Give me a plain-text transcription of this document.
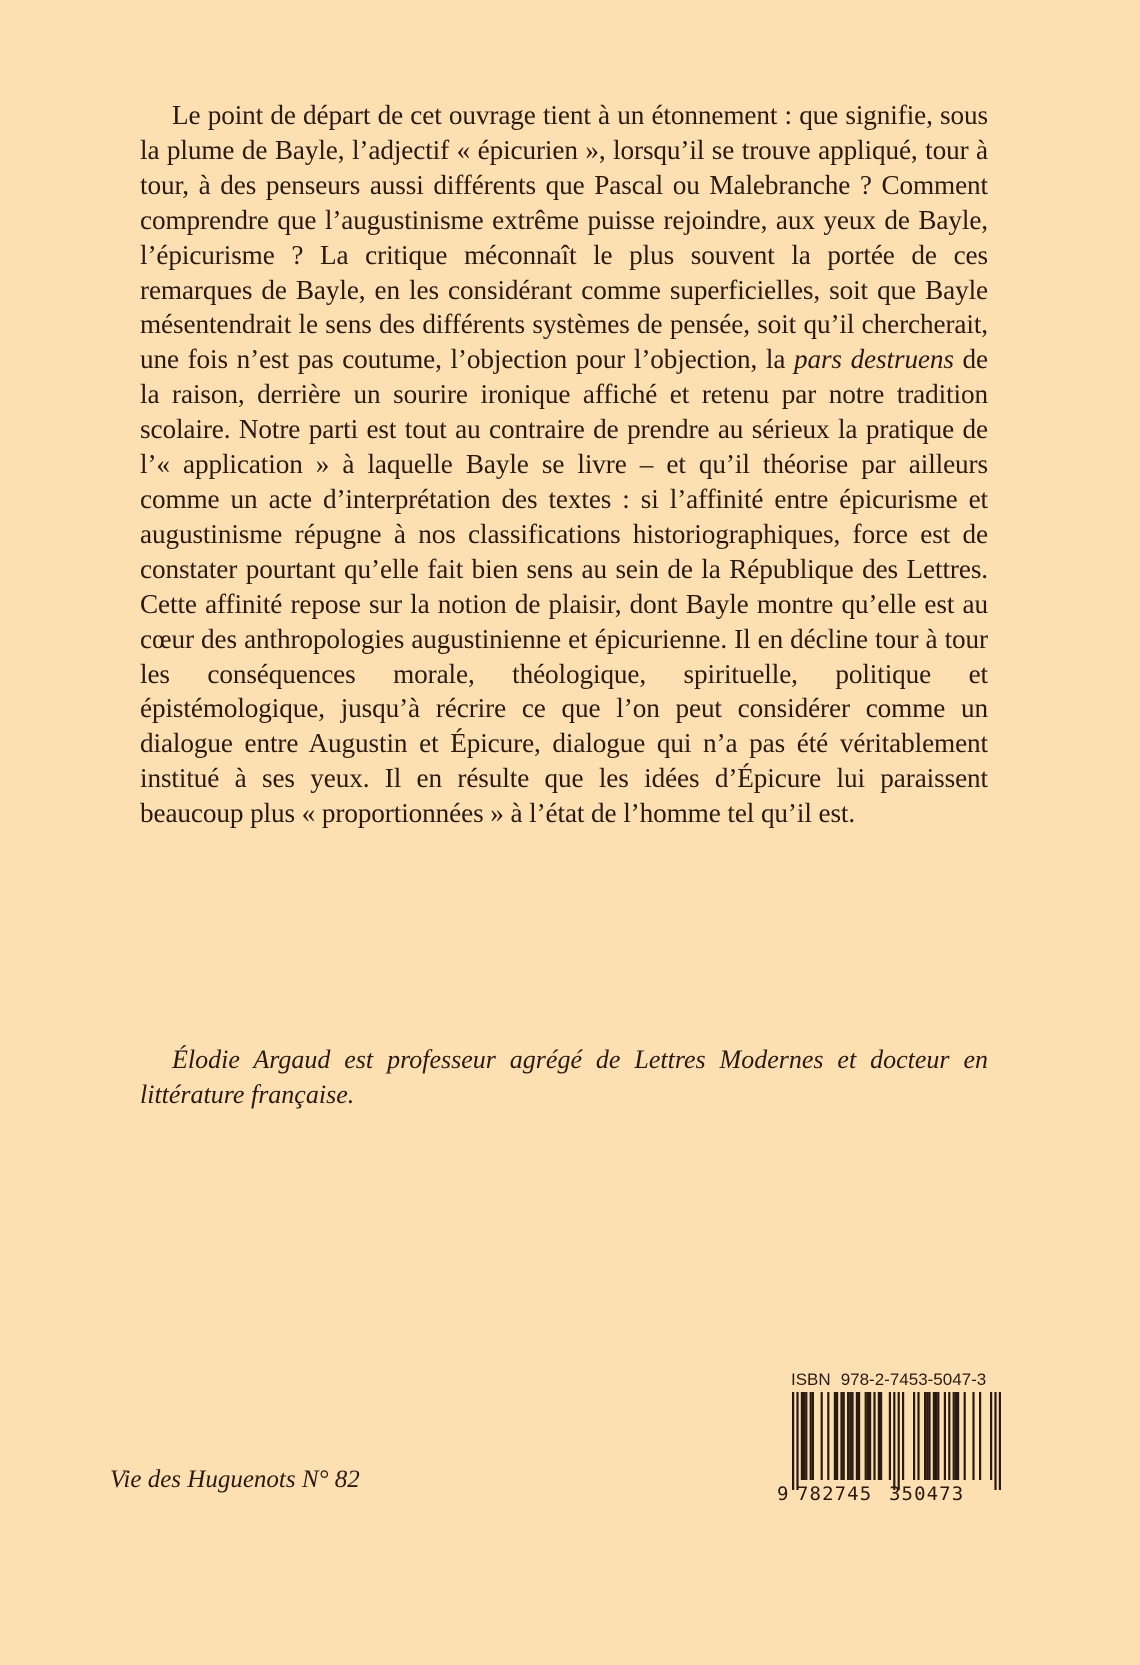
Le point de départ de cet ouvrage tient à un étonnement : que signifie, sous la plume de Bayle, l’adjectif « épicurien », lorsqu’il se trouve appliqué, tour à tour, à des penseurs aussi différents que Pascal ou Malebranche ? Comment comprendre que l’augustinisme extrême puisse rejoindre, aux yeux de Bayle, l’épicurisme ? La critique méconnaît le plus souvent la portée de ces remarques de Bayle, en les considérant comme superficielles, soit que Bayle mésentendrait le sens des différents systèmes de pensée, soit qu’il chercherait, une fois n’est pas coutume, l’objection pour l’objection, la pars destruens de la raison, derrière un sourire ironique affiché et retenu par notre tradition scolaire. Notre parti est tout au contraire de prendre au sérieux la pratique de l’« application » à laquelle Bayle se livre – et qu’il théorise par ailleurs comme un acte d’interprétation des textes : si l’affinité entre épicurisme et augustinisme répugne à nos classifications historiographiques, force est de constater pourtant qu’elle fait bien sens au sein de la République des Lettres. Cette affinité repose sur la notion de plaisir, dont Bayle montre qu’elle est au cœur des anthropologies augustinienne et épicurienne. Il en décline tour à tour les conséquences morale, théologique, spirituelle, politique et épistémologique, jusqu’à récrire ce que l’on peut considérer comme un dialogue entre Augustin et Épicure, dialogue qui n’a pas été véritablement institué à ses yeux. Il en résulte que les idées d’Épicure lui paraissent beaucoup plus « proportionnées » à l’état de l’homme tel qu’il est.

Élodie Argaud est professeur agrégé de Lettres Modernes et docteur en littérature française.

Vie des Huguenots N° 82
ISBN 978-2-7453-5047-3
9 782745 350473
